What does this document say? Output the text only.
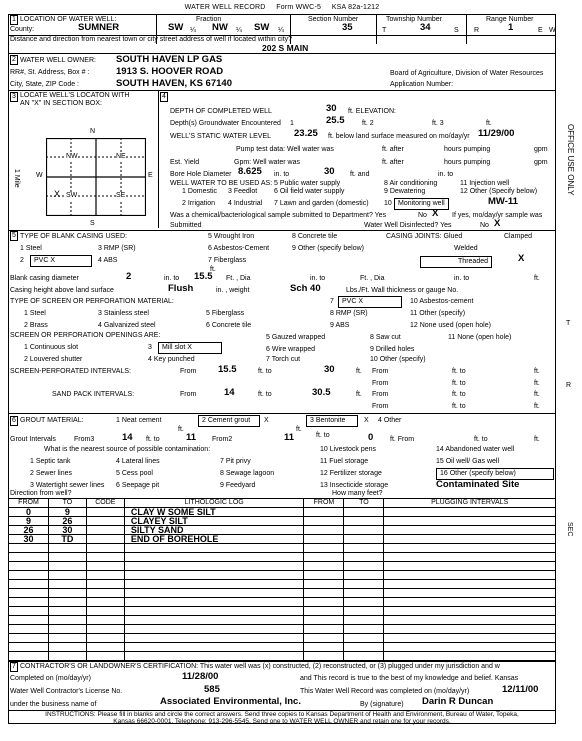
WATER WELL RECORD Form WWC-5 KSA 82a-1212
1 LOCATION OF WATER WELL:
County:	SUMNER
Fraction
SW ¼ NW ¼ SW ¼
Section Number
35
Township Number
T	34	S
Range Number
R	1	E W
Distance and direction from nearest town or city street address of well if located within city?
202 S MAIN
2 WATER WELL OWNER: SOUTH HAVEN LP GAS
RR#, St. Address, Box # :	1913 S. HOOVER ROAD	Board of Agriculture, Division of Water Resources
City, State, ZIP Code :	SOUTH HAVEN, KS 67140	Application Number:
3 LOCATE WELL'S LOCATON WITH
AN "X" IN SECTION BOX:
N
S
W	E
1 Mile
NW	NE
SW	SE
X
4
DEPTH OF COMPLETED WELL	30 ft. ELEVATION:
Depth(s) Groundwater Encountered 1	25.5	ft. 2	ft. 3	ft.
WELL'S STATIC WATER LEVEL 23.25 ft. below land surface measured on mo/day/yr 11/29/00
Pump test data: Well water was	ft. after	hours pumping	gpm
Est. Yield	Gpm: Well water was	ft. after	hours pumping	gpm
Bore Hole Diameter 8.625 in. to	30 ft. and	in. to
WELL WATER TO BE USED AS:
1 Domestic 3 Feedlot
5 Public water supply	8 Air conditioning	11 Injection well
2 Irrigation 4 Industrial
6 Oil field water supply
7 Lawn and garden (domestic)
9 Dewatering	12 Other (Specify below)
10 Monitoring well	MW-11
Was a chemical/bacteriological sample submitted to Department? Yes	No X If yes, mo/day/yr sample was
Submitted	Water Well Disinfected? Yes	No X
5 TYPE OF BLANK CASING USED:
1 Steel
2	PVC X
3 RMP (SR)
4 ABS
5 Wrought Iron
6 Asbestos-Cement
7 Fiberglass
8 Concrete tile
9 Other (specify below)
CASING JOINTS: Glued	Clamped
Welded
Threaded	X
ft.
Blank casing diameter	2	in. to 15.5 Ft. , Dia	in. to	Ft. , Dia	in. to	ft.
Casing height above land surface	Flush	in. , weight	Sch 40	Lbs./Ft. Wall thickness or gauge No.
TYPE OF SCREEN OR PERFORATION MATERIAL:	7	PVC X	10 Asbestos-cement
1 Steel	3 Stainless steel	5 Fiberglass	8 RMP (SR)	11 Other (specify)
2 Brass	4 Galvanized steel	6 Concrete tile	9 ABS	12 None used (open hole)
SCREEN OR PERFORATION OPENINGS ARE:
1 Continuous slot	3	Mill slot X
5 Gauzed wrapped	8 Saw cut	11 None (open hole)
2 Louvered shutter	4 Key punched
6 Wire wrapped
7 Torch cut
9 Drilled holes
10 Other (specify)
SCREEN-PERFORATED INTERVALS:	From 15.5	ft. to	30	ft. From	ft. to	ft.
From	ft. to	ft.
SAND PACK INTERVALS:	From	14	ft. to	30.5	ft. From	ft. to	ft.
From	ft. to	ft.
6 GROUT MATERIAL:	1 Neat cement	2 Cement grout	X	3 Bentonite	X 4 Other
ft.	ft.
Grout Intervals	From3	14 ft. to	11 From2	11	ft. to	0 ft. From	ft. to	ft.
What is the nearest source of possible contamination:
1 Septic tank	4 Lateral lines	7 Pit privy
10 Livestock pens	14 Abandoned water well
2 Sewer lines	5 Cess pool	8 Sewage lagoon
11 Fuel storage	15 Oil well/ Gas well
3 Watertight sewer lines 6 Seepage pit	9 Feedyard
12 Fertilizer storage
13 Insecticide storage
16 Other (specify below)
Contaminated Site
Direction from well?	How many feet?
FROM	TO	CODE	LITHOLOGIC LOG	FROM	TO	PLUGGING INTERVALS
0	9		CLAY W SOME SILT			
9	26		CLAYEY SILT			
26	30		SILTY SAND			
30	TD		END OF BOREHOLE			

7 CONTRACTOR'S OR LANDOWNER'S CERTIFICATION: This water well was (x) constructed, (2) reconstructed, or (3) plugged under my jurisdiction and w
Completed on (mo/day/yr)	11/28/00	and This record is true to the best of my knowledge and belief. Kansas
Water Well Contractor's License No.	585	This Water Well Record was completed on (mo/day/yr)	12/11/00
under the business name of	Associated Environmental, Inc.	By (signature) Darin R Duncan
INSTRUCTIONS: Please fill in blanks and circle the correct answers. Send three copies to Kansas Department of Health and Environment, Bureau of Water, Topeka,
Kansas 66620-0001. Telephone: 913-296-5545. Send one to WATER WELL OWNER and retain one for your records.
OFFICE USE ONLY
T
R
SEC
